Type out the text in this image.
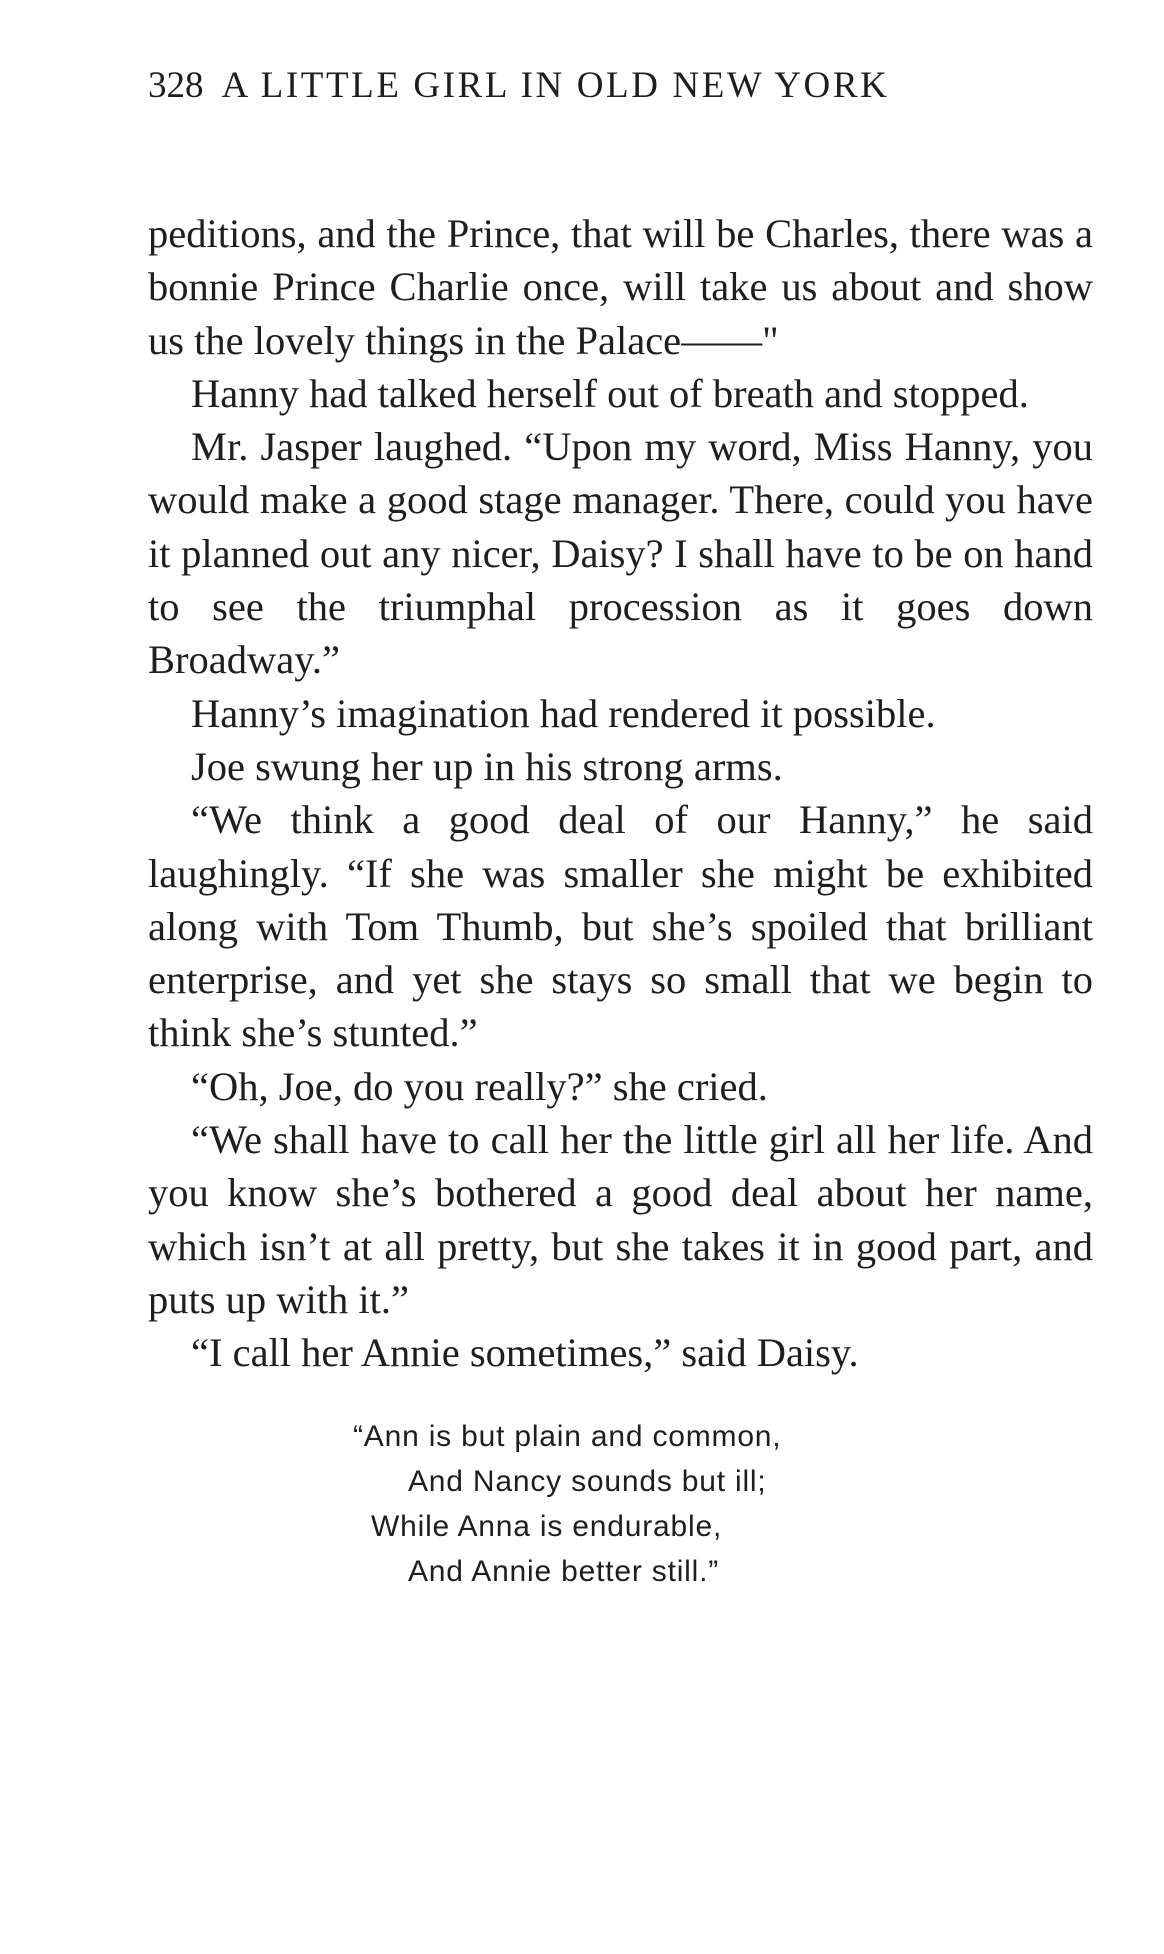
328 A LITTLE GIRL IN OLD NEW YORK

peditions, and the Prince, that will be Charles, there was a bonnie Prince Charlie once, will take us about and show us the lovely things in the Palace——"

Hanny had talked herself out of breath and stopped.

Mr. Jasper laughed. “Upon my word, Miss Hanny, you would make a good stage manager. There, could you have it planned out any nicer, Daisy? I shall have to be on hand to see the triumphal procession as it goes down Broadway.”

Hanny’s imagination had rendered it possible.

Joe swung her up in his strong arms.

“We think a good deal of our Hanny,” he said laughingly. “If she was smaller she might be exhibited along with Tom Thumb, but she’s spoiled that brilliant enterprise, and yet she stays so small that we begin to think she’s stunted.”

“Oh, Joe, do you really?” she cried.

“We shall have to call her the little girl all her life. And you know she’s bothered a good deal about her name, which isn’t at all pretty, but she takes it in good part, and puts up with it.”

“I call her Annie sometimes,” said Daisy.

“Ann is but plain and common,
And Nancy sounds but ill;
While Anna is endurable,
And Annie better still.”
